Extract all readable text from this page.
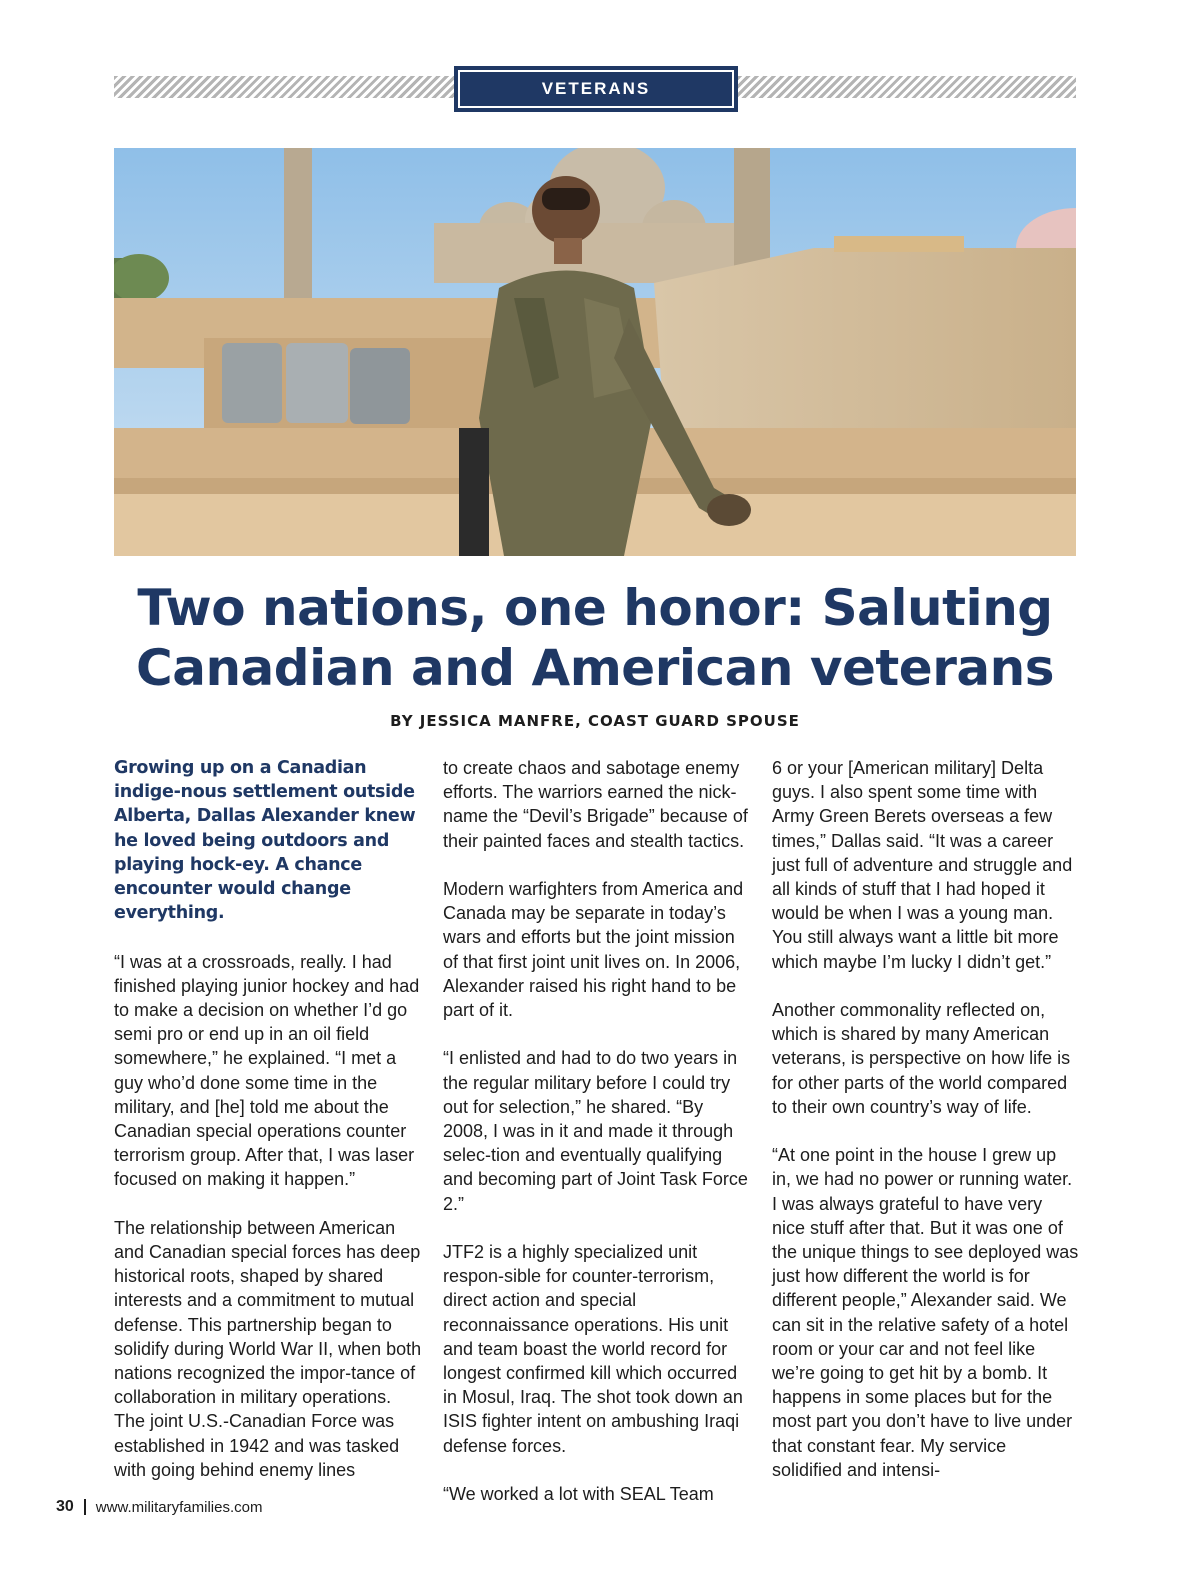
VETERANS
Two nations, one honor: Saluting
Canadian and American veterans
BY JESSICA MANFRE, COAST GUARD SPOUSE

Growing up on a Canadian indige-nous settlement outside Alberta, Dallas Alexander knew he loved being outdoors and playing hock-ey. A chance encounter would change everything.

“I was at a crossroads, really. I had finished playing junior hockey and had to make a decision on whether I’d go semi pro or end up in an oil field somewhere,” he explained. “I met a guy who’d done some time in the military, and [he] told me about the Canadian special operations counter terrorism group. After that, I was laser focused on making it happen.”

The relationship between American and Canadian special forces has deep historical roots, shaped by shared interests and a commitment to mutual defense. This partnership began to solidify during World War II, when both nations recognized the impor-tance of collaboration in military operations. The joint U.S.-Canadian Force was established in 1942 and was tasked with going behind enemy lines

to create chaos and sabotage enemy efforts. The warriors earned the nick-name the “Devil’s Brigade” because of their painted faces and stealth tactics.

Modern warfighters from America and Canada may be separate in today’s wars and efforts but the joint mission of that first joint unit lives on. In 2006, Alexander raised his right hand to be part of it.

“I enlisted and had to do two years in the regular military before I could try out for selection,” he shared. “By 2008, I was in it and made it through selec-tion and eventually qualifying and becoming part of Joint Task Force 2.”

JTF2 is a highly specialized unit respon-sible for counter-terrorism, direct action and special reconnaissance operations. His unit and team boast the world record for longest confirmed kill which occurred in Mosul, Iraq. The shot took down an ISIS fighter intent on ambushing Iraqi defense forces.

“We worked a lot with SEAL Team

6 or your [American military] Delta guys. I also spent some time with Army Green Berets overseas a few times,” Dallas said. “It was a career just full of adventure and struggle and all kinds of stuff that I had hoped it would be when I was a young man. You still always want a little bit more which maybe I’m lucky I didn’t get.”

Another commonality reflected on, which is shared by many American veterans, is perspective on how life is for other parts of the world compared to their own country’s way of life.

“At one point in the house I grew up in, we had no power or running water. I was always grateful to have very nice stuff after that. But it was one of the unique things to see deployed was just how different the world is for different people,” Alexander said. We can sit in the relative safety of a hotel room or your car and not feel like we’re going to get hit by a bomb. It happens in some places but for the most part you don’t have to live under that constant fear. My service solidified and intensi-

30 www.militaryfamilies.com
